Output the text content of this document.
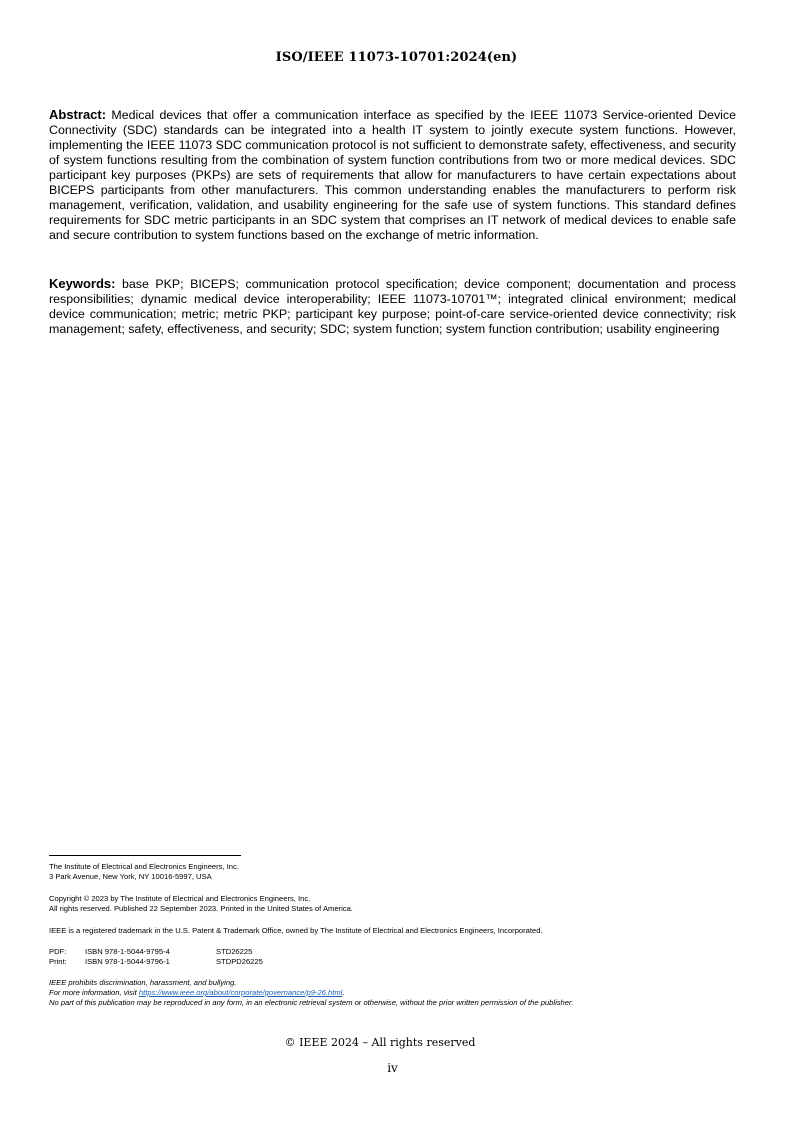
ISO/IEEE 11073-10701:2024(en)
Abstract: Medical devices that offer a communication interface as specified by the IEEE 11073 Service-oriented Device Connectivity (SDC) standards can be integrated into a health IT system to jointly execute system functions. However, implementing the IEEE 11073 SDC communication protocol is not sufficient to demonstrate safety, effectiveness, and security of system functions resulting from the combination of system function contributions from two or more medical devices. SDC participant key purposes (PKPs) are sets of requirements that allow for manufacturers to have certain expectations about BICEPS participants from other manufacturers. This common understanding enables the manufacturers to perform risk management, verification, validation, and usability engineering for the safe use of system functions. This standard defines requirements for SDC metric participants in an SDC system that comprises an IT network of medical devices to enable safe and secure contribution to system functions based on the exchange of metric information.
Keywords: base PKP; BICEPS; communication protocol specification; device component; documentation and process responsibilities; dynamic medical device interoperability; IEEE 11073-10701™; integrated clinical environment; medical device communication; metric; metric PKP; participant key purpose; point-of-care service-oriented device connectivity; risk management; safety, effectiveness, and security; SDC; system function; system function contribution; usability engineering
The Institute of Electrical and Electronics Engineers, Inc.
3 Park Avenue, New York, NY 10016-5997, USA
Copyright © 2023 by The Institute of Electrical and Electronics Engineers, Inc.
All rights reserved. Published 22 September 2023. Printed in the United States of America.
IEEE is a registered trademark in the U.S. Patent & Trademark Office, owned by The Institute of Electrical and Electronics Engineers, Incorporated.
PDF:	ISBN 978-1-5044-9795-4	STD26225
Print:	ISBN 978-1-5044-9796-1	STDPD26225
IEEE prohibits discrimination, harassment, and bullying.
For more information, visit https://www.ieee.org/about/corporate/governance/p9-26.html.
No part of this publication may be reproduced in any form, in an electronic retrieval system or otherwise, without the prior written permission of the publisher.
© IEEE 2024 – All rights reserved
iv
